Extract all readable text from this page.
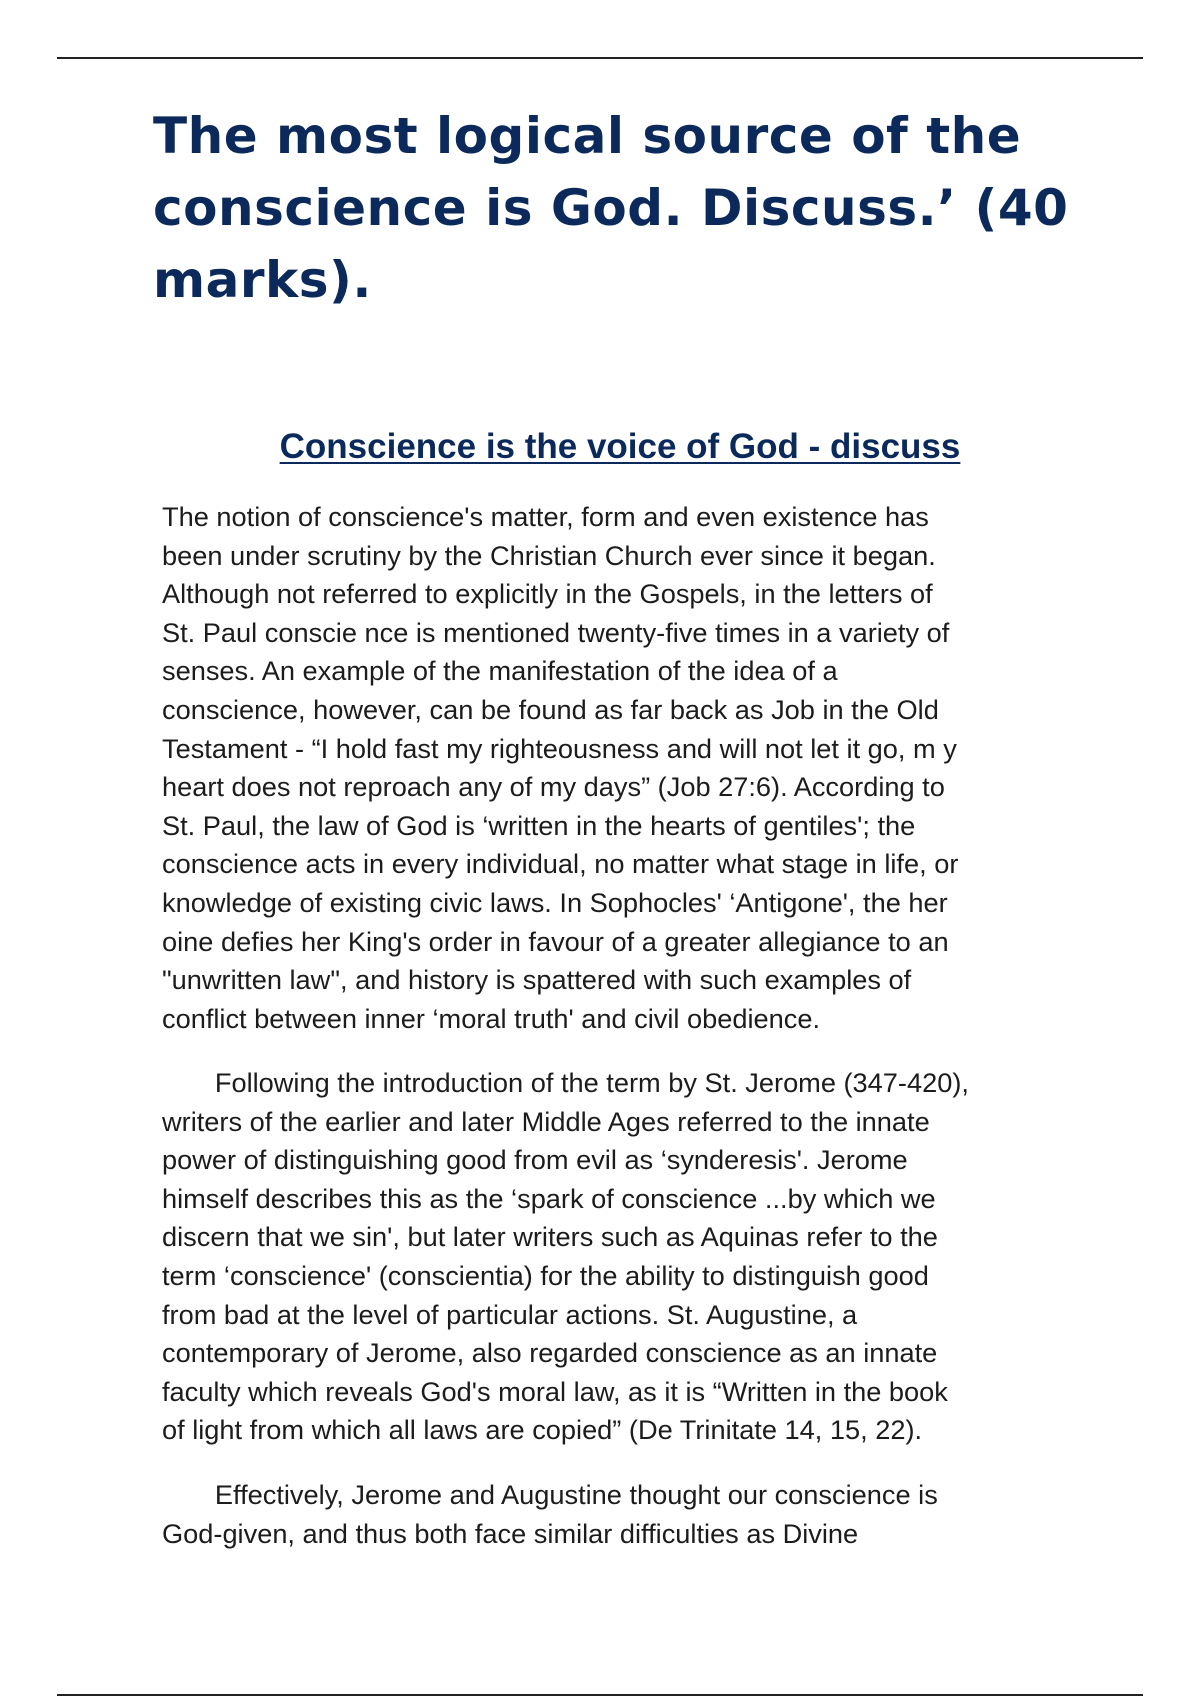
The most logical source of the
conscience is God. Discuss.’ (40
marks).
Conscience is the voice of God - discuss
The notion of conscience's matter, form and even existence has
been under scrutiny by the Christian Church ever since it began.
Although not referred to explicitly in the Gospels, in the letters of
St. Paul conscie nce is mentioned twenty-five times in a variety of
senses. An example of the manifestation of the idea of a
conscience, however, can be found as far back as Job in the Old
Testament - “I hold fast my righteousness and will not let it go, m y
heart does not reproach any of my days” (Job 27:6). According to
St. Paul, the law of God is ‘written in the hearts of gentiles'; the
conscience acts in every individual, no matter what stage in life, or
knowledge of existing civic laws. In Sophocles' ‘Antigone', the her
oine defies her King's order in favour of a greater allegiance to an
"unwritten law", and history is spattered with such examples of
conflict between inner ‘moral truth' and civil obedience.
Following the introduction of the term by St. Jerome (347-420),
writers of the earlier and later Middle Ages referred to the innate
power of distinguishing good from evil as ‘synderesis'. Jerome
himself describes this as the ‘spark of conscience ...by which we
discern that we sin', but later writers such as Aquinas refer to the
term ‘conscience' (conscientia) for the ability to distinguish good
from bad at the level of particular actions. St. Augustine, a
contemporary of Jerome, also regarded conscience as an innate
faculty which reveals God's moral law, as it is “Written in the book
of light from which all laws are copied” (De Trinitate 14, 15, 22).
Effectively, Jerome and Augustine thought our conscience is
God-given, and thus both face similar difficulties as Divine
